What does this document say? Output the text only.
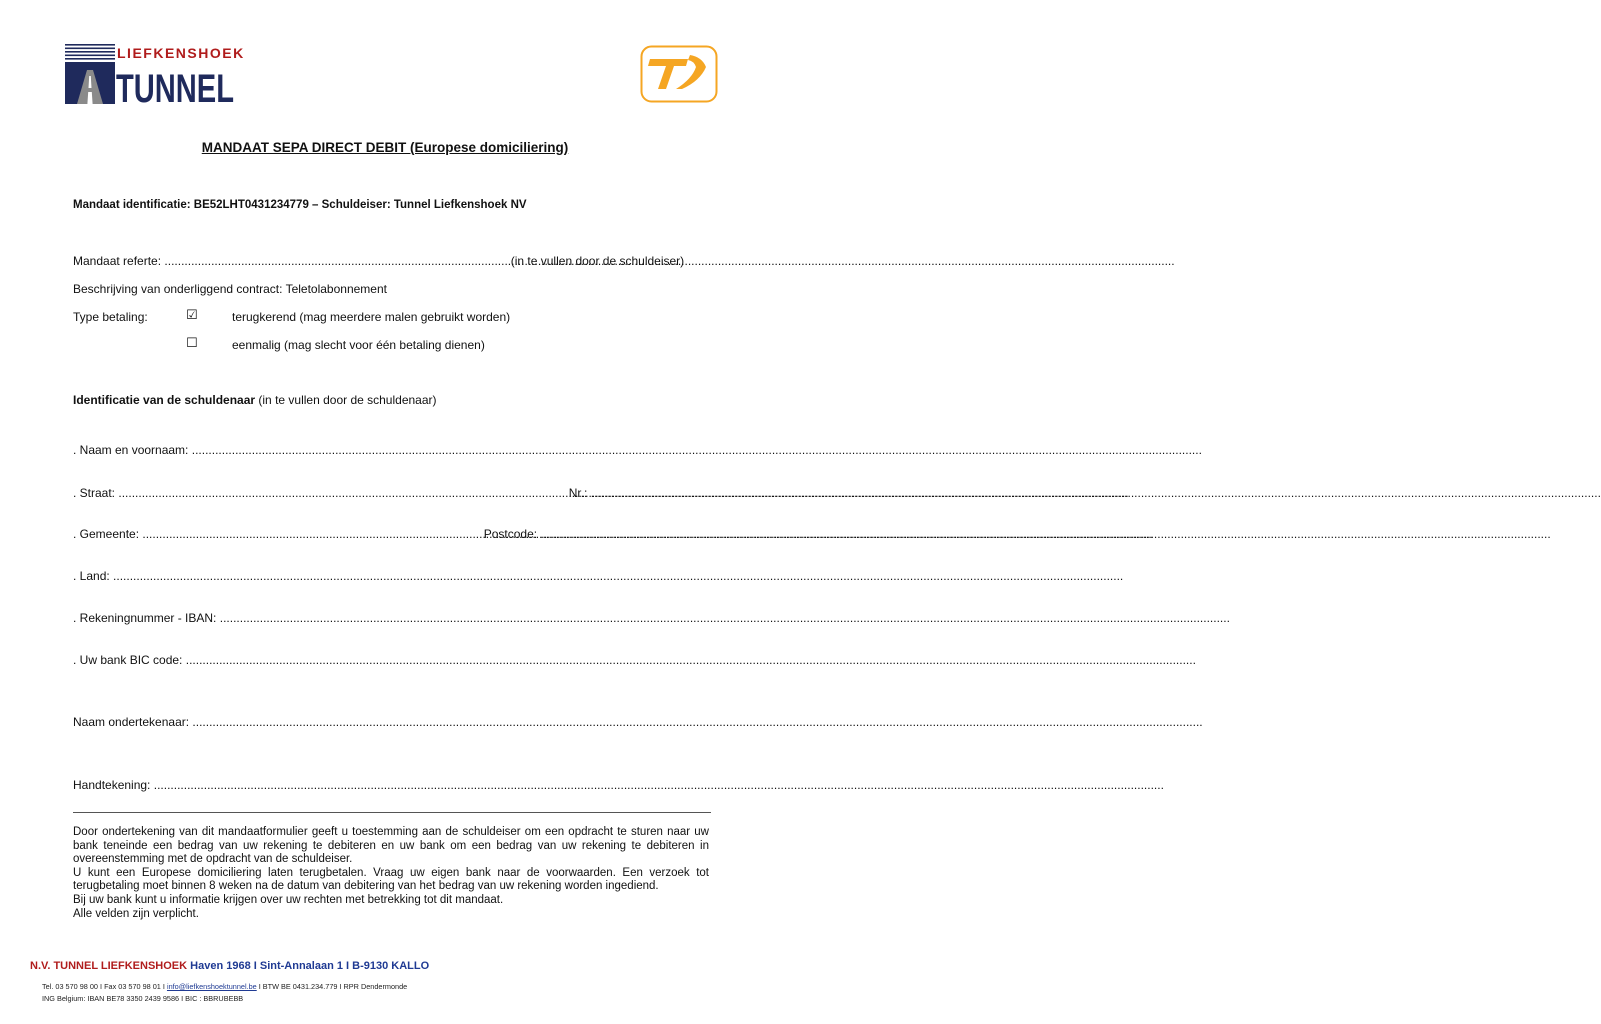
LIEFKENSHOEK
TUNNEL	TV
MANDAAT SEPA DIRECT DEBIT (Europese domiciliering)
Mandaat identificatie: BE52LHT0431234779 – Schuldeiser: Tunnel Liefkenshoek NV
Mandaat referte: .....	(in te vullen door de schuldeiser)
Beschrijving van onderliggend contract: Teletolabonnement
Type betaling:	☑	terugkerend (mag meerdere malen gebruikt worden)
☐	eenmalig (mag slecht voor één betaling dienen)
Identificatie van de schuldenaar (in te vullen door de schuldenaar)
. Naam en voornaam: .....
. Straat: .....	Nr.: .....
. Gemeente: .....	Postcode: .....
. Land: .....
. Rekeningnummer - IBAN: .....
. Uw bank BIC code: .....
Naam ondertekenaar: .....
Handtekening: .....

Door ondertekening van dit mandaatformulier geeft u toestemming aan de schuldeiser om een opdracht te sturen naar uw bank teneinde een bedrag van uw rekening te debiteren en uw bank om een bedrag van uw rekening te debiteren in overeenstemming met de opdracht van de schuldeiser.

U kunt een Europese domiciliering laten terugbetalen. Vraag uw eigen bank naar de voorwaarden. Een verzoek tot terugbetaling moet binnen 8 weken na de datum van debitering van het bedrag van uw rekening worden ingediend.

Bij uw bank kunt u informatie krijgen over uw rechten met betrekking tot dit mandaat.

Alle velden zijn verplicht.

N.V. TUNNEL LIEFKENSHOEK Haven 1968 I Sint-Annalaan 1 I B-9130 KALLO
Tel. 03 570 98 00 I Fax 03 570 98 01 I info@liefkenshoektunnel.be I BTW BE 0431.234.779 I RPR Dendermonde
ING Belgium: IBAN BE78 3350 2439 9586 I BIC : BBRUBEBB
